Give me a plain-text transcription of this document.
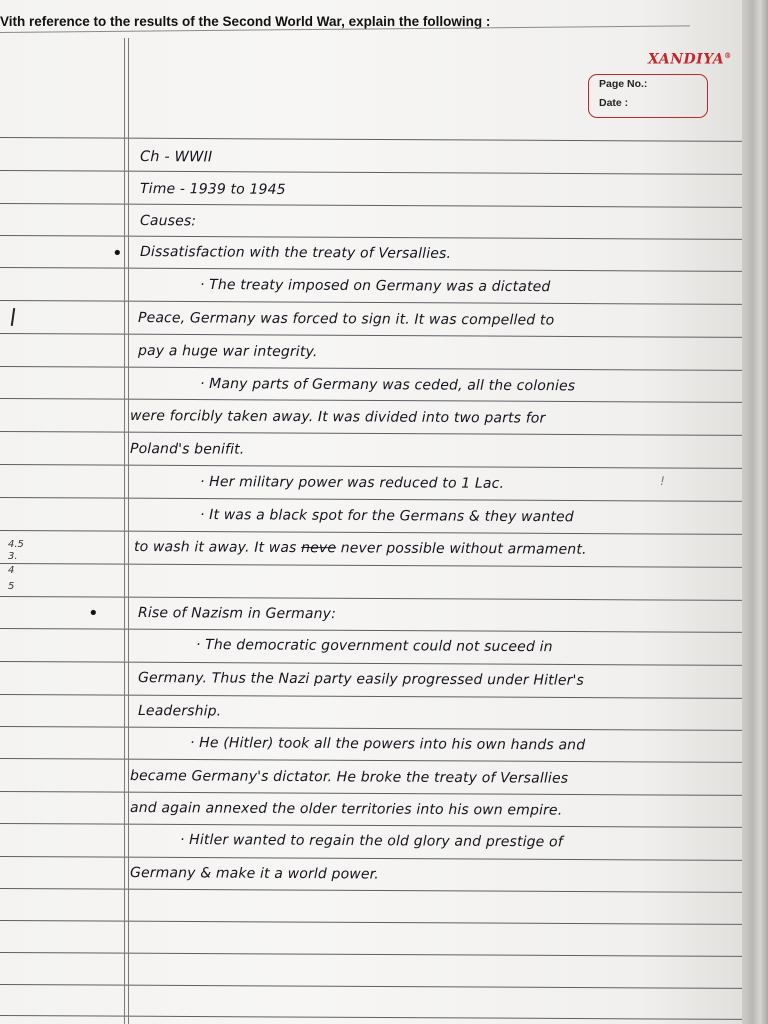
Vith reference to the results of the Second World War, explain the following :
XANDIYA®
Page No.:
Date :
Ch - WWII
Time - 1939 to 1945
Causes:
• Dissatisfaction with the treaty of Versallies.
· The treaty imposed on Germany was a dictated
Peace, Germany was forced to sign it. It was compelled to
pay a huge war integrity.
· Many parts of Germany was ceded, all the colonies
were forcibly taken away. It was divided into two parts for
Poland's benifit.
· Her military power was reduced to 1 Lac.
· It was a black spot for the Germans & they wanted
to wash it away. It was neve never possible without armament.
!
•	Rise of Nazism in Germany:
· The democratic government could not suceed in
Germany. Thus the Nazi party easily progressed under Hitler's
Leadership.
· He (Hitler) took all the powers into his own hands and
became Germany's dictator. He broke the treaty of Versallies
and again annexed the older territories into his own empire.
· Hitler wanted to regain the old glory and prestige of
Germany & make it a world power.
4.5
3.
4
5
